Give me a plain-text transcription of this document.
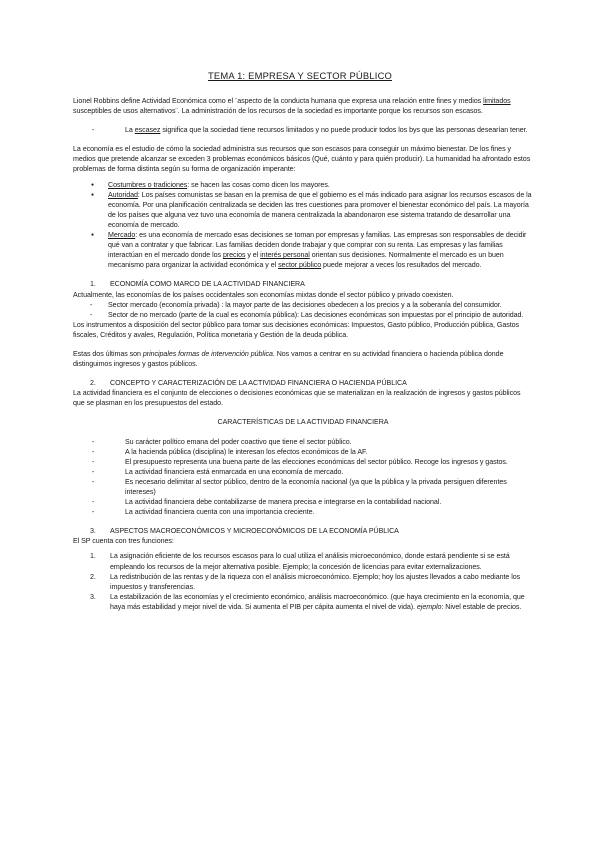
TEMA 1: EMPRESA Y SECTOR PÚBLICO

Lionel Robbins define Actividad Económica como el ¨aspecto de la conducta humana que expresa una relación entre fines y medios limitados susceptibles de usos alternativos¨. La administración de los recursos de la sociedad es importante porque los recursos son escasos.

- La escasez significa que la sociedad tiene recursos limitados y no puede producir todos los bys que las personas desearían tener.

La economía es el estudio de cómo la sociedad administra sus recursos que son escasos para conseguir un máximo bienestar. De los fines y medios que pretende alcanzar se exceden 3 problemas económicos básicos (Qué, cuánto y para quién producir). La humanidad ha afrontado estos problemas de forma distinta según su forma de organización imperante:

● Costumbres o tradiciones: se hacen las cosas como dicen los mayores.

● Autoridad: Los países comunistas se basan en la premisa de que el gobierno es el más indicado para asignar los recursos escasos de la economía. Por una planificación centralizada se deciden las tres cuestiones para promover el bienestar económico del país. La mayoría de los países que alguna vez tuvo una economía de manera centralizada la abandonaron ese sistema tratando de desarrollar una economía de mercado.

● Mercado: es una economía de mercado esas decisiones se toman por empresas y familias. Las empresas son responsables de decidir qué van a contratar y que fabricar. Las familias deciden donde trabajar y que comprar con su renta. Las empresas y las familias interactúan en el mercado donde los precios y el interés personal orientan sus decisiones. Normalmente el mercado es un buen mecanismo para organizar la actividad económica y el sector público puede mejorar a veces los resultados del mercado.

1. ECONOMÍA COMO MARCO DE LA ACTIVIDAD FINANCIERA

Actualmente, las economías de los países occidentales son economías mixtas donde el sector público y privado coexisten.

- Sector mercado (economía privada) : la mayor parte de las decisiones obedecen a los precios y a la soberanía del consumidor.

- Sector de no mercado (parte de la cual es economía pública): Las decisiones económicas son impuestas por el principio de autoridad.

Los instrumentos a disposición del sector público para tomar sus decisiones económicas: Impuestos, Gasto público, Producción pública, Gastos fiscales, Créditos y avales, Regulación, Política monetaria y Gestión de la deuda pública.

Estas dos últimas son principales formas de intervención pública. Nos vamos a centrar en su actividad financiera o hacienda pública donde distinguimos ingresos y gastos públicos.

2. CONCEPTO Y CARACTERIZACIÓN DE LA ACTIVIDAD FINANCIERA O HACIENDA PÚBLICA

La actividad financiera es el conjunto de elecciones o decisiones económicas que se materializan en la realización de ingresos y gastos públicos que se plasman en los presupuestos del estado.

CARACTERÍSTICAS DE LA ACTIVIDAD FINANCIERA

- Su carácter político emana del poder coactivo que tiene el sector público.

- A la hacienda pública (disciplina) le interesan los efectos económicos de la AF.

- El presupuesto representa una buena parte de las elecciones económicas del sector público. Recoge los ingresos y gastos.

- La actividad financiera está enmarcada en una economía de mercado.

- Es necesario delimitar al sector público, dentro de la economía nacional (ya que la pública y la privada persiguen diferentes intereses)

- La actividad financiera debe contabilizarse de manera precisa e integrarse en la contabilidad nacional.

- La actividad financiera cuenta con una importancia creciente.

3. ASPECTOS MACROECONÓMICOS Y MICROECONÓMICOS DE LA ECONOMÍA PÚBLICA

El SP cuenta con tres funciones:

1. La asignación eficiente de los recursos escasos para lo cual utiliza el análisis microeconómico, donde estará pendiente si se está empleando los recursos de la mejor alternativa posible. Ejemplo; la concesión de licencias para evitar externalizaciones.

2. La redistribución de las rentas y de la riqueza con el análisis microeconómico. Ejemplo; hoy los ajustes llevados a cabo mediante los impuestos y transferencias.

3. La estabilización de las economías y el crecimiento económico, análisis macroeconómico. (que haya crecimiento en la economía, que haya más estabilidad y mejor nivel de vida. Si aumenta el PIB per cápita aumenta el nivel de vida). ejemplo: Nivel estable de precios.
